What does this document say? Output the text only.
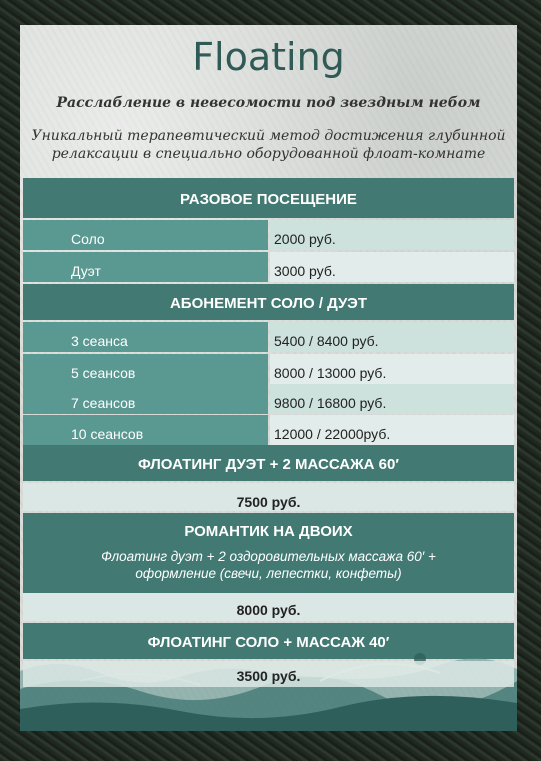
Floating
Расслабление в невесомости под звездным небом
Уникальный терапевтический метод достижения глубинной
релаксации в специально оборудованной флоат-комнате
РАЗОВОЕ ПОСЕЩЕНИЕ
Соло	2000 руб.
Дуэт	3000 руб.
АБОНЕМЕНТ СОЛО / ДУЭТ
3 сеанса	5400 / 8400 руб.
5 сеансов	8000 / 13000 руб.
7 сеансов	9800 / 16800 руб.
10 сеансов	12000 / 22000руб.
ФЛОАТИНГ ДУЭТ + 2 МАССАЖА 60′
7500 руб.
РОМАНТИК НА ДВОИХ
Флоатинг дуэт + 2 оздоровительных массажа 60′ +
оформление (свечи, лепестки, конфеты)
8000 руб.
ФЛОАТИНГ СОЛО + МАССАЖ 40′
3500 руб.
